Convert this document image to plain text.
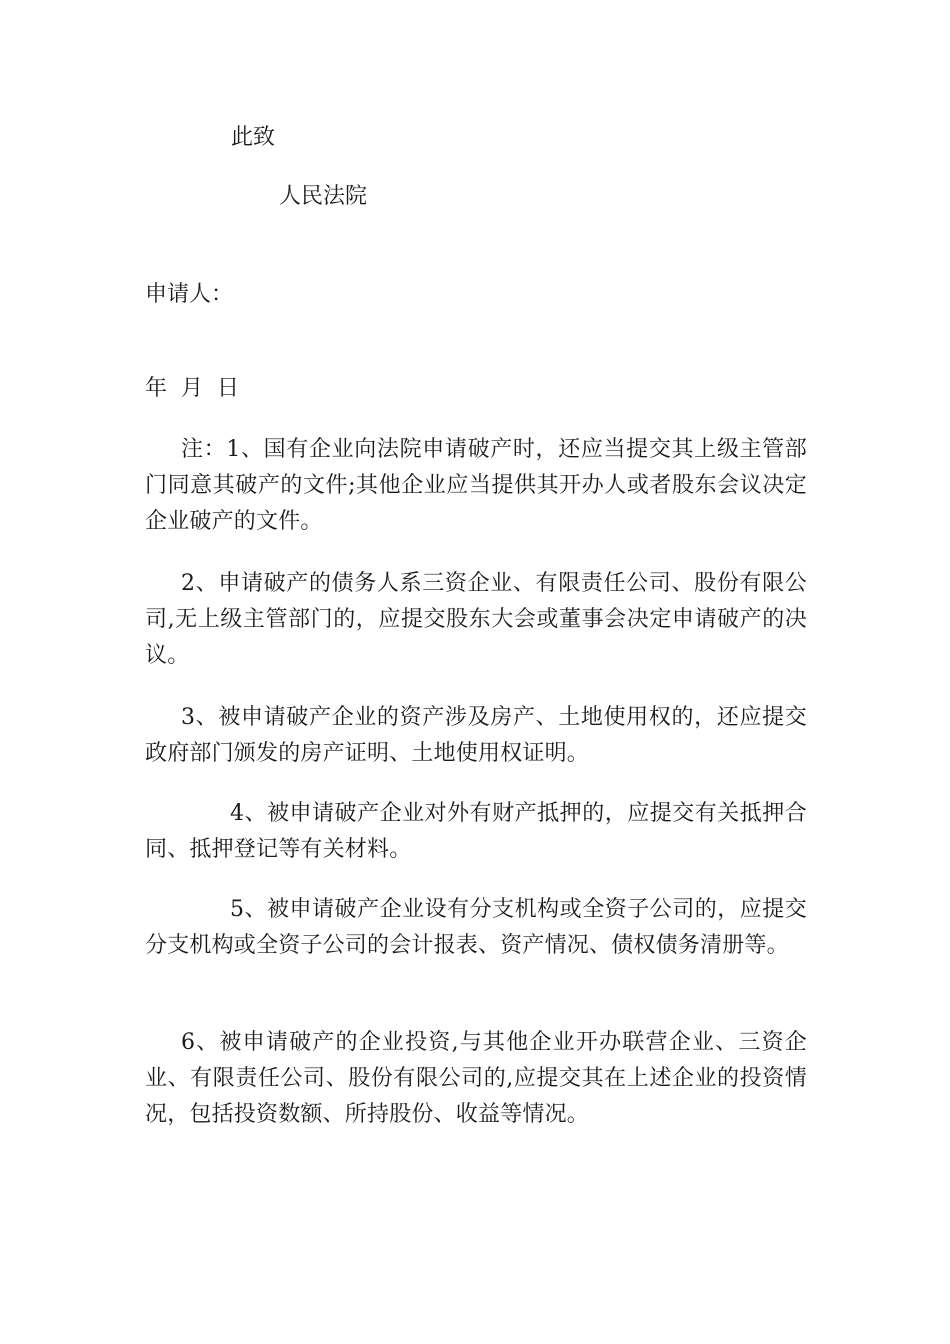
此致
人民法院
申请人：
年  月  日

注：1、国有企业向法院申请破产时，还应当提交其上级主管部门同意其破产的文件;其他企业应当提供其开办人或者股东会议决定企业破产的文件。

2、申请破产的债务人系三资企业、有限责任公司、股份有限公司,无上级主管部门的，应提交股东大会或董事会决定申请破产的决议。

3、被申请破产企业的资产涉及房产、土地使用权的，还应提交政府部门颁发的房产证明、土地使用权证明。

4、被申请破产企业对外有财产抵押的，应提交有关抵押合同、抵押登记等有关材料。

5、被申请破产企业设有分支机构或全资子公司的，应提交分支机构或全资子公司的会计报表、资产情况、债权债务清册等。

6、被申请破产的企业投资,与其他企业开办联营企业、三资企业、有限责任公司、股份有限公司的,应提交其在上述企业的投资情况，包括投资数额、所持股份、收益等情况。
